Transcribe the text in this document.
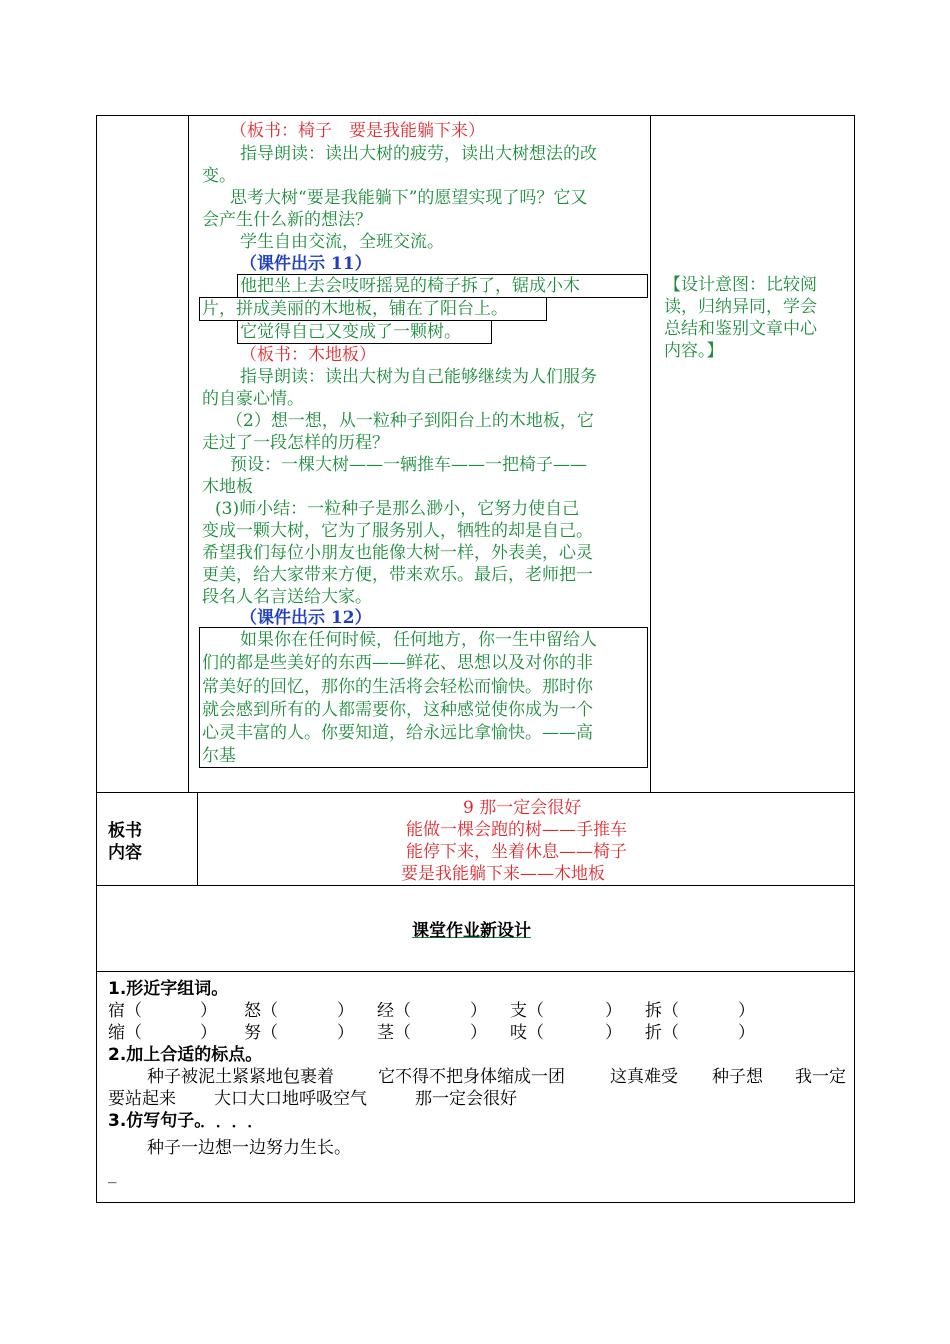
（板书：椅子　要是我能躺下来）
指导朗读：读出大树的疲劳，读出大树想法的改
变。
思考大树“要是我能躺下”的愿望实现了吗？它又
会产生什么新的想法？
学生自由交流，全班交流。
（课件出示 11）
他把坐上去会吱呀摇晃的椅子拆了，锯成小木
片，拼成美丽的木地板，铺在了阳台上。
它觉得自己又变成了一颗树。
（板书：木地板）
指导朗读：读出大树为自己能够继续为人们服务
的自豪心情。
（2）想一想，从一粒种子到阳台上的木地板，它
走过了一段怎样的历程？
预设：一棵大树——一辆推车——一把椅子——
木地板
(3)师小结：一粒种子是那么渺小，它努力使自己
变成一颗大树，它为了服务别人，牺牲的却是自己。
希望我们每位小朋友也能像大树一样，外表美，心灵
更美，给大家带来方便，带来欢乐。最后，老师把一
段名人名言送给大家。
（课件出示 12）
如果你在任何时候，任何地方，你一生中留给人
们的都是些美好的东西——鲜花、思想以及对你的非
常美好的回忆，那你的生活将会轻松而愉快。那时你
就会感到所有的人都需要你，这种感觉使你成为一个
心灵丰富的人。你要知道，给永远比拿愉快。——高
尔基
【设计意图：比较阅
读，归纳异同，学会
总结和鉴别文章中心
内容。】
板书
内容
9 那一定会很好
能做一棵会跑的树——手推车
能停下来，坐着休息——椅子
要是我能躺下来——木地板
课堂作业新设计
1.形近字组词。
宿（	） 怒（	） 经（	） 支（	） 拆（	）
缩（	） 努（	） 茎（	） 吱（	） 折（	）
2.加上合适的标点。
种子被泥土紧紧地包裹着	它不得不把身体缩成一团	这真难受 种子想 我一定
要站起来 大口大口地呼吸空气	那一定会很好
3.仿写句子。
· · · ·
种子一边想一边努力生长。
_
